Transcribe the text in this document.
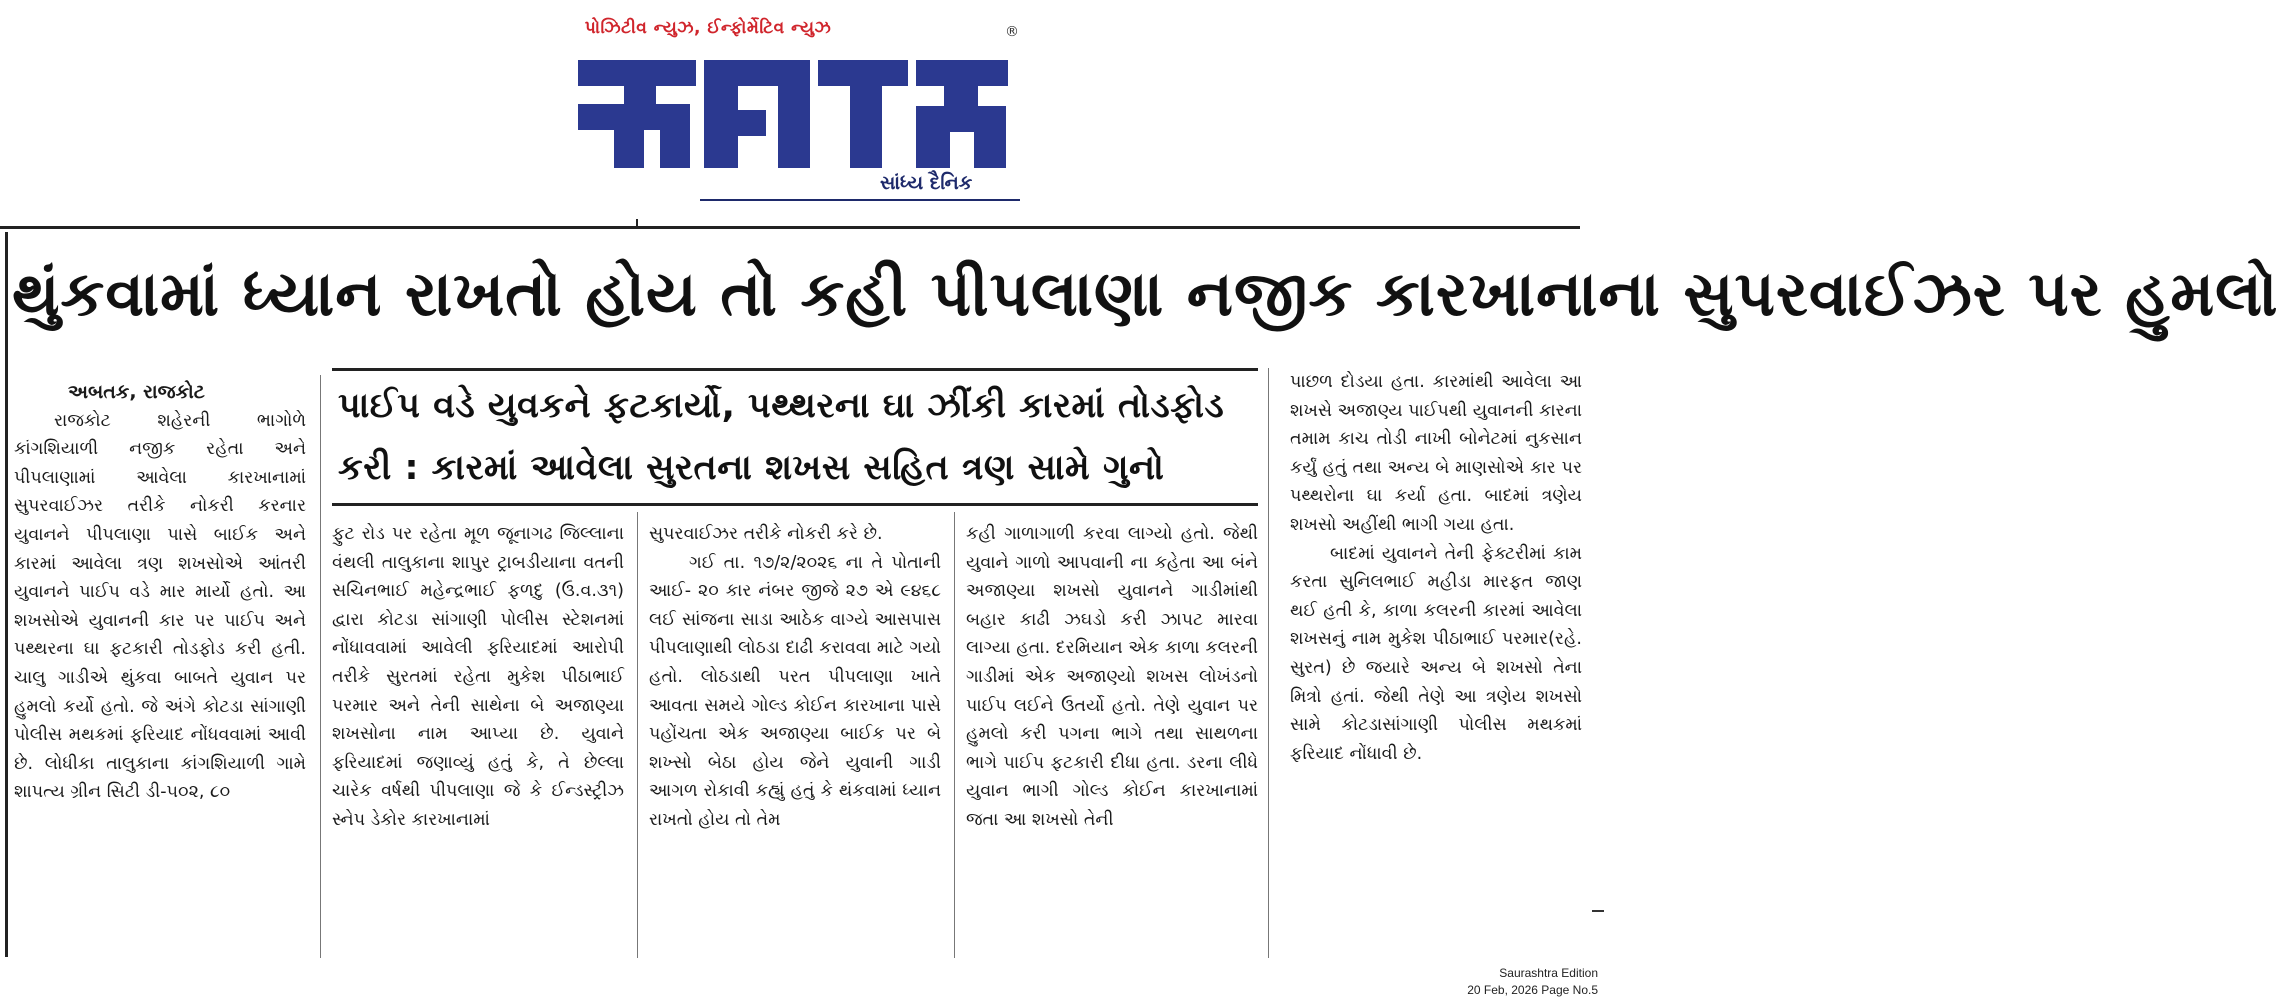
પોઝિટીવ ન્યુઝ, ઈન્ફોર્મેટિવ ન્યુઝ
અબતક
®
સાંધ્ય દૈનિક
થુંકવામાં ધ્યાન રાખતો હોય તો કહી પીપલાણા નજીક કારખાનાના સુપરવાઈઝર પર હુમલો

અબતક, રાજકોટ

રાજકોટ શહેરની ભાગોળે કાંગશિયાળી નજીક રહેતા અને પીપલાણામાં આવેલા કારખાનામાં સુપરવાઈઝર તરીકે નોકરી કરનાર યુવાનને પીપલાણા પાસે બાઈક અને કારમાં આવેલા ત્રણ શખસોએ આંતરી યુવાનને પાઈપ વડે માર માર્યો હતો. આ શખસોએ યુવાનની કાર પર પાઈપ અને પથ્થરના ઘા ફટકારી તોડફોડ કરી હતી. ચાલુ ગાડીએ થુંકવા બાબતે યુવાન પર હુમલો કર્યો હતો. જે અંગે કોટડા સાંગાણી પોલીસ મથકમાં ફરિયાદ નોંધવવામાં આવી છે. લોધીકા તાલુકાના કાંગશિયાળી ગામે શાપત્ય ગ્રીન સિટી ડી-૫૦૨, ૮૦

પાઈપ વડે યુવકને ફટકાર્યો, પથ્થરના ઘા ઝીંકી કારમાં તોડફોડ કરી : કારમાં આવેલા સુરતના શખસ સહિત ત્રણ સામે ગુનો

ફુટ રોડ પર રહેતા મૂળ જૂનાગઢ જિલ્લાના વંથલી તાલુકાના શાપુર ટ્રાબડીયાના વતની સચિનભાઈ મહેન્દ્રભાઈ ફળદુ (ઉ.વ.૩૧) દ્વારા કોટડા સાંગાણી પોલીસ સ્ટેશનમાં નોંધાવવામાં આવેલી ફરિયાદમાં આરોપી તરીકે સુરતમાં રહેતા મુકેશ પીઠાભાઈ પરમાર અને તેની સાથેના બે અજાણ્યા શખસોના નામ આપ્યા છે. યુવાને ફરિયાદમાં જણાવ્યું હતું કે, તે છેલ્લા ચારેક વર્ષથી પીપલાણા જે કે ઈન્ડસ્ટ્રીઝ સ્નેપ ડેકોર કારખાનામાં

સુપરવાઈઝર તરીકે નોકરી કરે છે.

ગઈ તા. ૧૭/૨/૨૦૨૬ ના તે પોતાની આઈ- ૨૦ કાર નંબર જીજે ૨૭ એ ૯૪૬૮ લઈ સાંજના સાડા આઠેક વાગ્યે આસપાસ પીપલાણાથી લોઠડા દાઢી કરાવવા માટે ગયો હતો. લોઠડાથી પરત પીપલાણા ખાતે આવતા સમયે ગોલ્ડ કોઈન કારખાના પાસે પહોંચતા એક અજાણ્યા બાઈક પર બે શખ્સો બેઠા હોય જેને યુવાની ગાડી આગળ રોકાવી કહ્યું હતું કે થંકવામાં ધ્યાન રાખતો હોય તો તેમ

કહી ગાળાગાળી કરવા લાગ્યો હતો. જેથી યુવાને ગાળો આપવાની ના કહેતા આ બંને અજાણ્યા શખસો યુવાનને ગાડીમાંથી બહાર કાઢી ઝઘડો કરી ઝાપટ મારવા લાગ્યા હતા. દરમિયાન એક કાળા કલરની ગાડીમાં એક અજાણ્યો શખસ લોખંડનો પાઈપ લઈને ઉતર્યો હતો. તેણે યુવાન પર હુમલો કરી પગના ભાગે તથા સાથળના ભાગે પાઈપ ફટકારી દીધા હતા. ડરના લીધે યુવાન ભાગી ગોલ્ડ કોઈન કારખાનામાં જતા આ શખસો તેની

પાછળ દોડયા હતા. કારમાંથી આવેલા આ શખસે અજાણ્ય પાઈપથી યુવાનની કારના તમામ કાચ તોડી નાખી બોનેટમાં નુકસાન કર્યું હતું તથા અન્ય બે માણસોએ કાર પર પથ્થરોના ઘા કર્યા હતા. બાદમાં ત્રણેય શખસો અહીંથી ભાગી ગયા હતા.

બાદમાં યુવાનને તેની ફેક્ટરીમાં કામ કરતા સુનિલભાઈ મહીડા મારફત જાણ થઈ હતી કે, કાળા કલરની કારમાં આવેલા શખસનું નામ મુકેશ પીઠાભાઈ પરમાર(રહે. સુરત) છે જયારે અન્ય બે શખસો તેના મિત્રો હતાં. જેથી તેણે આ ત્રણેય શખસો સામે કોટડાસાંગાણી પોલીસ મથકમાં ફરિયાદ નોંધાવી છે.

Saurashtra Edition
20 Feb, 2026 Page No.5
